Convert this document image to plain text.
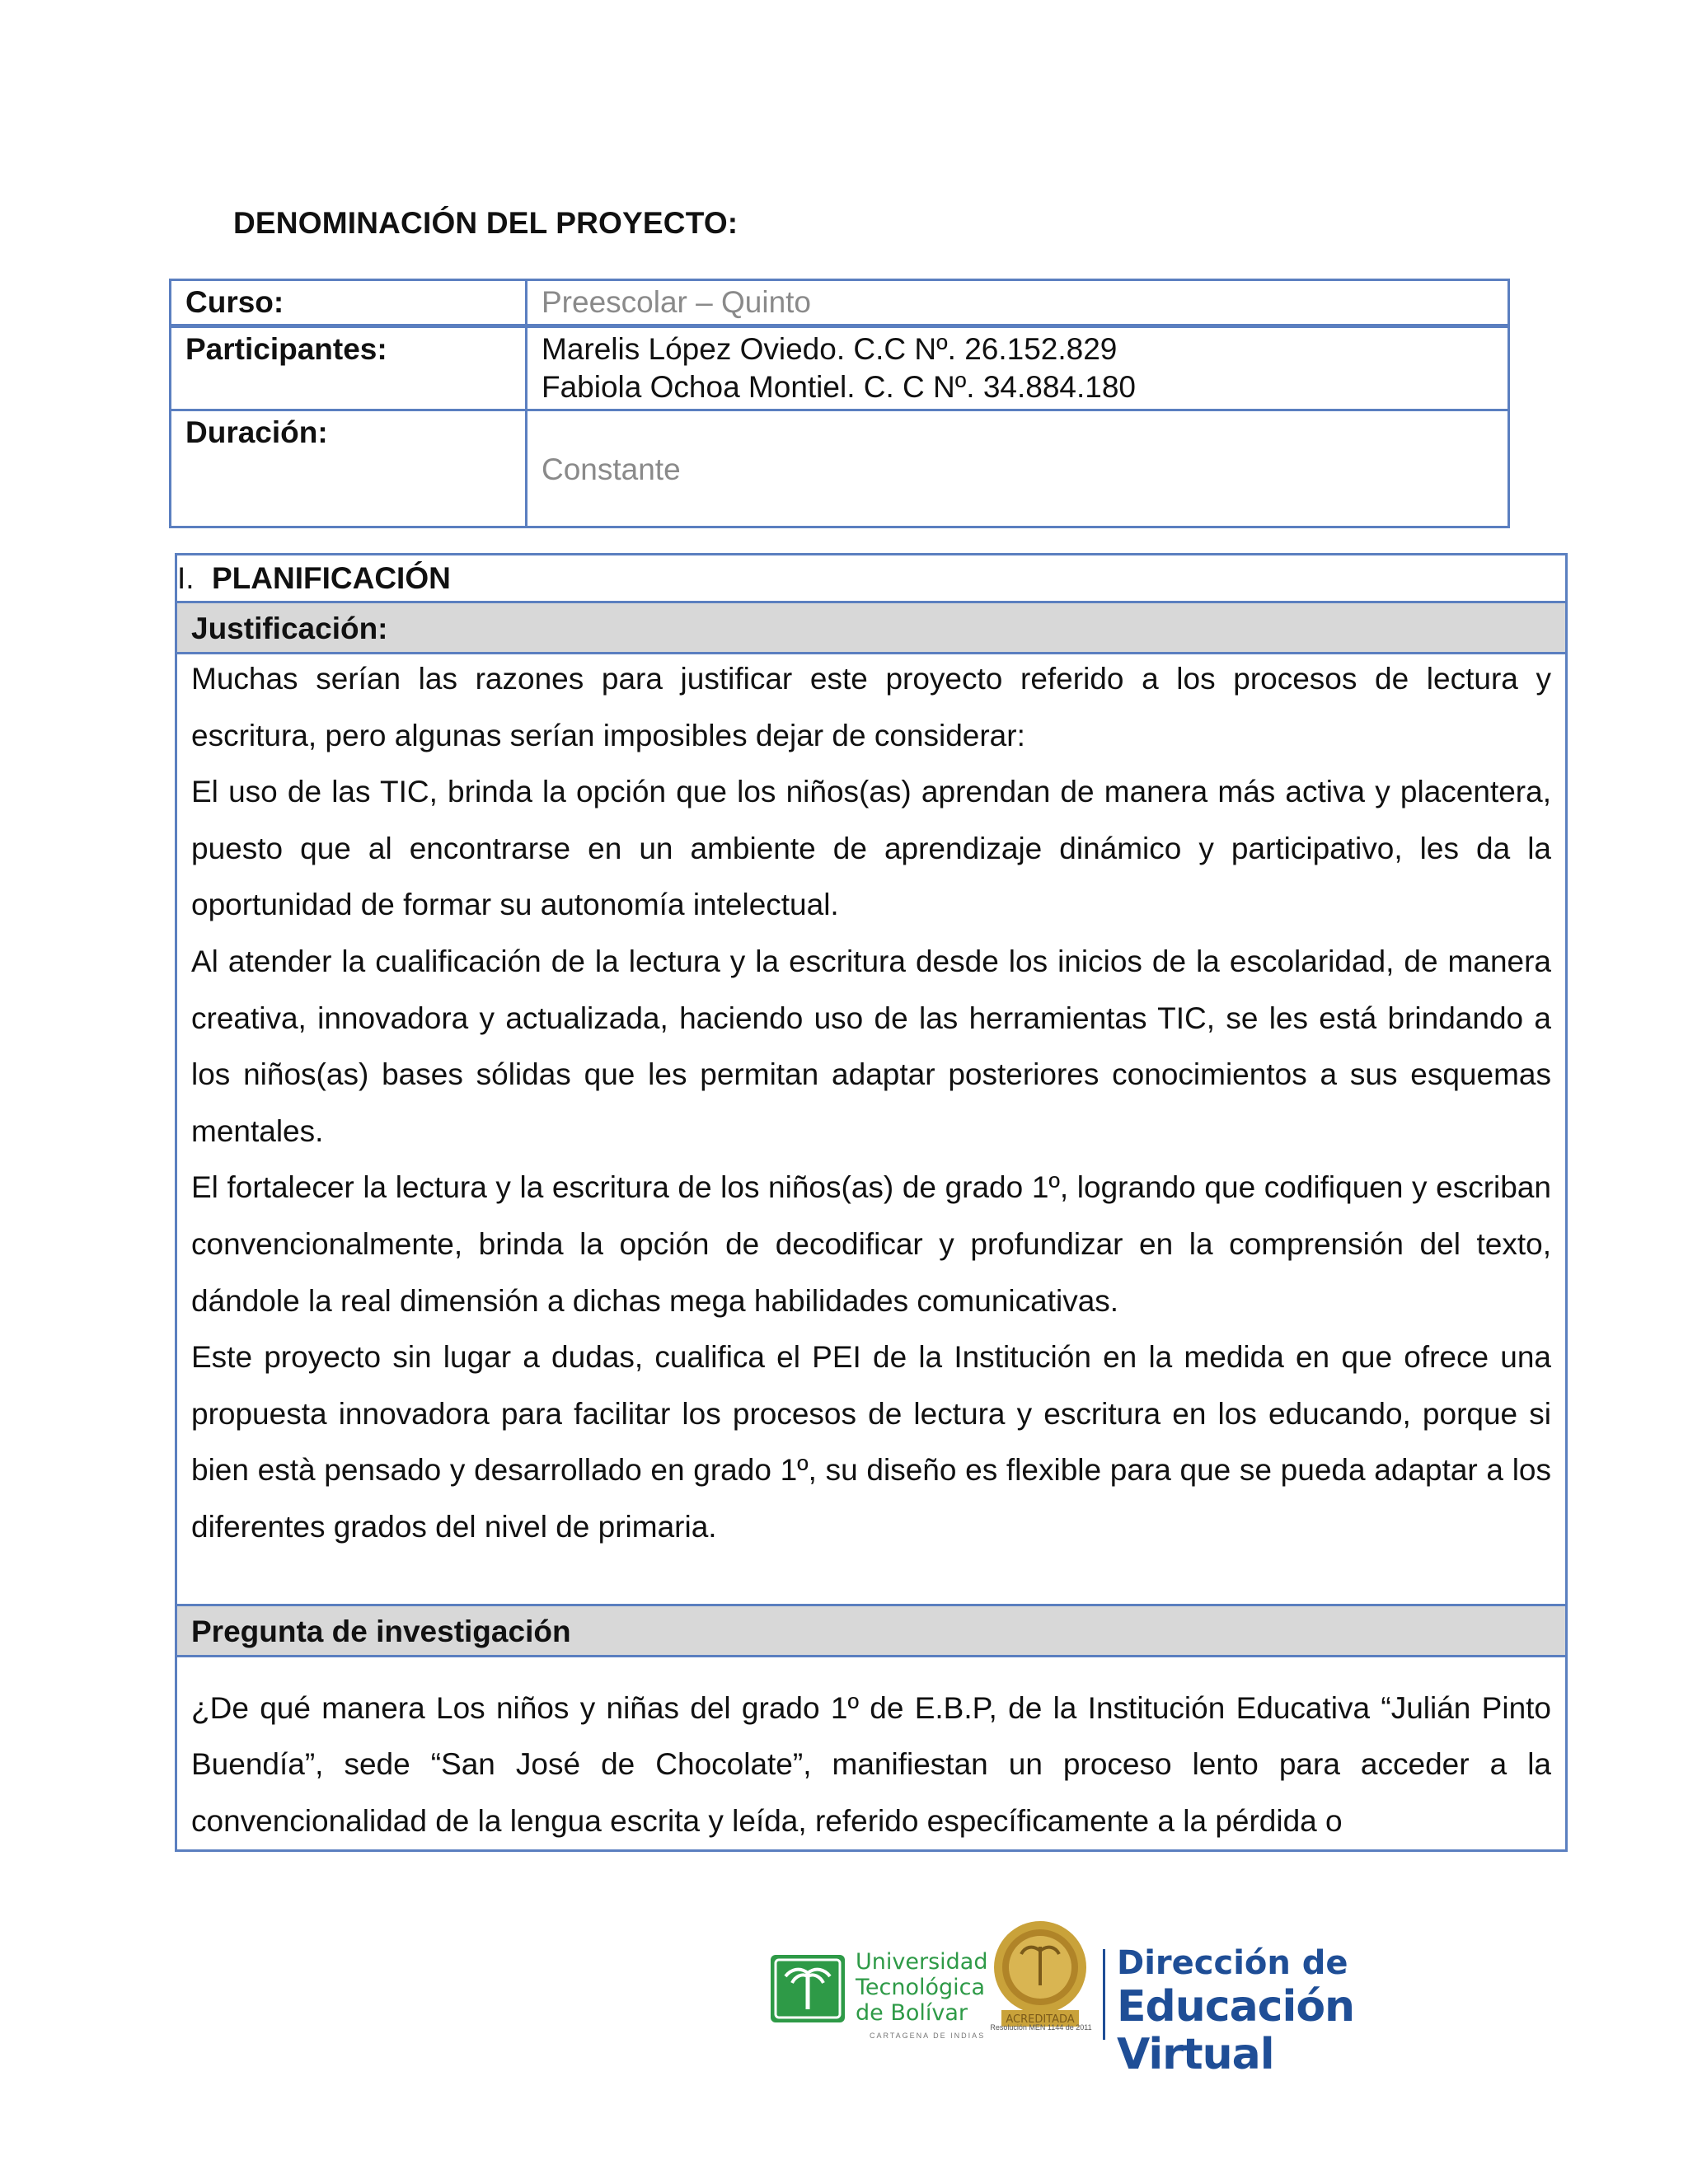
DENOMINACIÓN DEL PROYECTO:
Curso:	Preescolar – Quinto
Participantes:	Marelis López Oviedo. C.C Nº. 26.152.829
Fabiola Ochoa Montiel. C. C Nº. 34.884.180

Duración:	Constante
I. PLANIFICACIÓN
Justificación:

Muchas serían las razones para justificar este proyecto referido a los procesos de lectura y escritura, pero algunas serían imposibles dejar de considerar:

El uso de las TIC, brinda la opción que los niños(as) aprendan de manera más activa y placentera, puesto que al encontrarse en un ambiente de aprendizaje dinámico y participativo, les da la oportunidad de formar su autonomía intelectual.

Al atender la cualificación de la lectura y la escritura desde los inicios de la escolaridad, de manera creativa, innovadora y actualizada, haciendo uso de las herramientas TIC, se les está brindando a los niños(as) bases sólidas que les permitan adaptar posteriores conocimientos a sus esquemas mentales.

El fortalecer la lectura y la escritura de los niños(as) de grado 1º, logrando que codifiquen y escriban convencionalmente, brinda la opción de decodificar y profundizar en la comprensión del texto, dándole la real dimensión a dichas mega habilidades comunicativas.

Este proyecto sin lugar a dudas, cualifica el PEI de la Institución en la medida en que ofrece una propuesta innovadora para facilitar los procesos de lectura y escritura en los educando, porque si bien està pensado y desarrollado en grado 1º, su diseño es flexible para que se pueda adaptar a los diferentes grados del nivel de primaria.

Pregunta de investigación

¿De qué manera Los niños y niñas del grado 1º de E.B.P, de la Institución Educativa “Julián Pinto Buendía”, sede “San José de Chocolate”, manifiestan un proceso lento para acceder a la convencionalidad de la lengua escrita y leída, referido específicamente a la pérdida o

Universidad
Tecnológica
de Bolívar
CARTAGENA DE INDIAS
ACREDITADA
Resolución MEN 1144 de 2011
Dirección de
Educación Virtual
